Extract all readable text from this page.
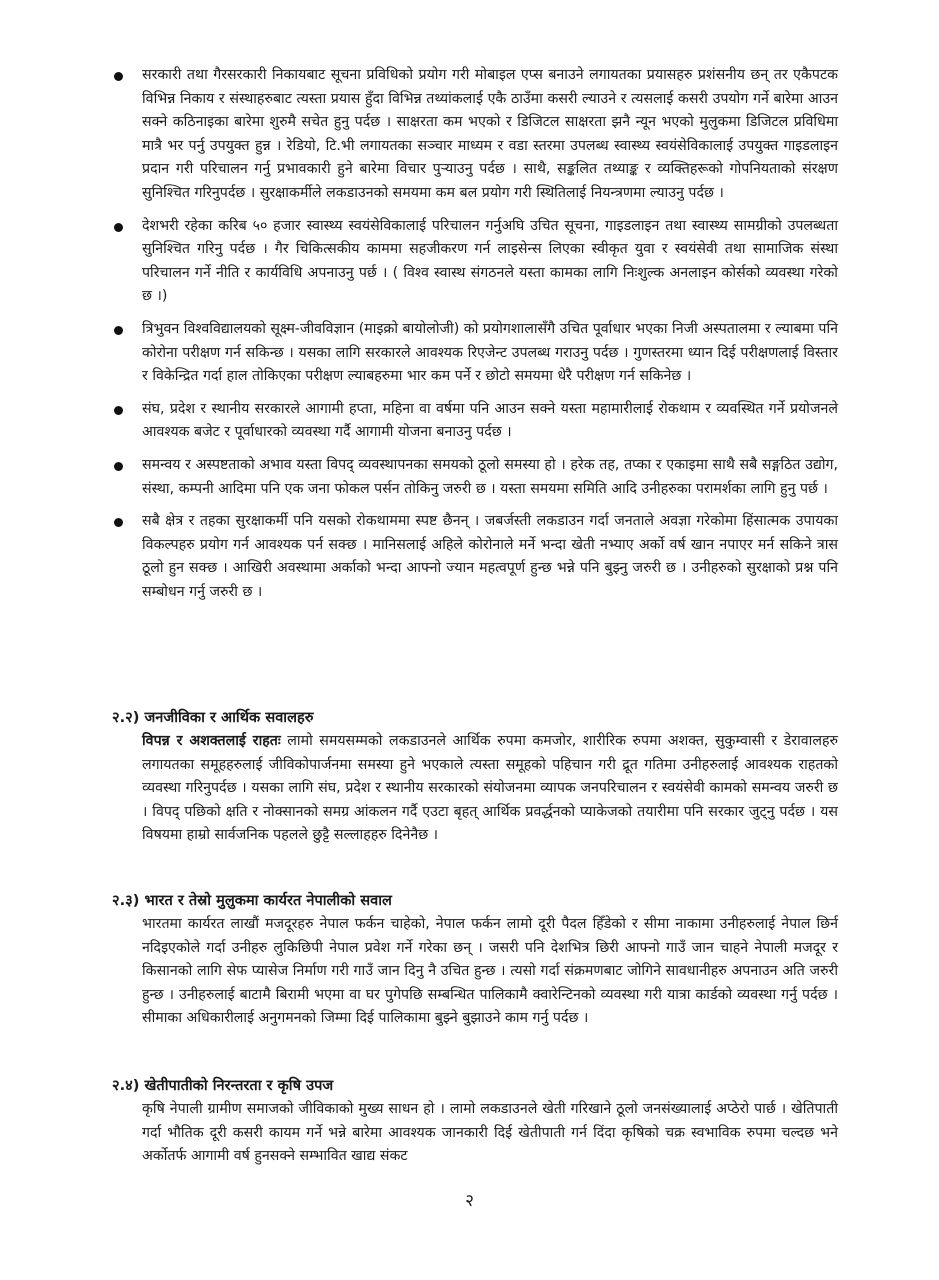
सरकारी तथा गैरसरकारी निकायबाट सूचना प्रविधिको प्रयोग गरी मोबाइल एप्स बनाउने लगायतका प्रयासहरु प्रशंसनीय छन् तर एकैपटक विभिन्न निकाय र संस्थाहरुबाट त्यस्ता प्रयास हुँदा विभिन्न तथ्यांकलाई एकै ठाउँमा कसरी ल्याउने र त्यसलाई कसरी उपयोग गर्ने बारेमा आउन सक्ने कठिनाइका बारेमा शुरुमै सचेत हुनु पर्दछ । साक्षरता कम भएको र डिजिटल साक्षरता झनै न्यून भएको मुलुकमा डिजिटल प्रविधिमा मात्रै भर पर्नु उपयुक्त हुन्न । रेडियो, टि.भी लगायतका सञ्चार माध्यम र वडा स्तरमा उपलब्ध स्वास्थ्य स्वयंसेविकालाई उपयुक्त गाइडलाइन प्रदान गरी परिचालन गर्नु प्रभावकारी हुने बारेमा विचार पुऱ्याउनु पर्दछ । साथै, सङ्कलित तथ्याङ्क र व्यक्तिहरूको गोपनियताको संरक्षण सुनिश्चित गरिनुपर्दछ । सुरक्षाकर्मीले लकडाउनको समयमा कम बल प्रयोग गरी स्थितिलाई नियन्त्रणमा ल्याउनु पर्दछ ।
देशभरी रहेका करिब ५० हजार स्वास्थ्य स्वयंसेविकालाई परिचालन गर्नुअघि उचित सूचना, गाइडलाइन तथा स्वास्थ्य सामग्रीको उपलब्धता सुनिश्चित गरिनु पर्दछ । गैर चिकित्सकीय काममा सहजीकरण गर्न लाइसेन्स लिएका स्वीकृत युवा र स्वयंसेवी तथा सामाजिक संस्था परिचालन गर्ने नीति र कार्यविधि अपनाउनु पर्छ । ( विश्व स्वास्थ संगठनले यस्ता कामका लागि निःशुल्क अनलाइन कोर्सको व्यवस्था गरेको छ ।)
त्रिभुवन विश्वविद्यालयको सूक्ष्म-जीवविज्ञान (माइक्रो बायोलोजी) को प्रयोगशालासँगै उचित पूर्वाधार भएका निजी अस्पतालमा र ल्याबमा पनि कोरोना परीक्षण गर्न सकिन्छ । यसका लागि सरकारले आवश्यक रिएजेन्ट उपलब्ध गराउनु पर्दछ । गुणस्तरमा ध्यान दिई परीक्षणलाई विस्तार र विकेन्द्रित गर्दा हाल तोकिएका परीक्षण ल्याबहरुमा भार कम पर्ने र छोटो समयमा धेरै परीक्षण गर्न सकिनेछ ।
संघ, प्रदेश र स्थानीय सरकारले आगामी हप्ता, महिना वा वर्षमा पनि आउन सक्ने यस्ता महामारीलाई रोकथाम र व्यवस्थित गर्ने प्रयोजनले आवश्यक बजेट र पूर्वाधारको व्यवस्था गर्दै आगामी योजना बनाउनु पर्दछ ।
समन्वय र अस्पष्टताको अभाव यस्ता विपद् व्यवस्थापनका समयको ठूलो समस्या हो । हरेक तह, तप्का र एकाइमा साथै सबै सङ्गठित उद्योग, संस्था, कम्पनी आदिमा पनि एक जना फोकल पर्सन तोकिनु जरुरी छ । यस्ता समयमा समिति आदि उनीहरुका परामर्शका लागि हुनु पर्छ ।
सबै क्षेत्र र तहका सुरक्षाकर्मी पनि यसको रोकथाममा स्पष्ट छैनन् । जबर्जस्ती लकडाउन गर्दा जनताले अवज्ञा गरेकोमा हिंसात्मक उपायका विकल्पहरु प्रयोग गर्न आवश्यक पर्न सक्छ । मानिसलाई अहिले कोरोनाले मर्ने भन्दा खेती नभ्याए अर्को वर्ष खान नपाएर मर्न सकिने त्रास ठूलो हुन सक्छ । आखिरी अवस्थामा अर्काको भन्दा आफ्नो ज्यान महत्वपूर्ण हुन्छ भन्ने पनि बुझ्नु जरुरी छ । उनीहरुको सुरक्षाको प्रश्न पनि सम्बोधन गर्नु जरुरी छ ।
२.२) जनजीविका र आर्थिक सवालहरु

विपन्न र अशक्तलाई राहतः लामो समयसम्मको लकडाउनले आर्थिक रुपमा कमजोर, शारीरिक रुपमा अशक्त, सुकुम्वासी र डेरावालहरु लगायतका समूहहरुलाई जीविकोपार्जनमा समस्या हुने भएकाले त्यस्ता समूहको पहिचान गरी द्रूत गतिमा उनीहरुलाई आवश्यक राहतको व्यवस्था गरिनुपर्दछ । यसका लागि संघ, प्रदेश र स्थानीय सरकारको संयोजनमा व्यापक जनपरिचालन र स्वयंसेवी कामको समन्वय जरुरी छ । विपद् पछिको क्षति र नोक्सानको समग्र आंकलन गर्दै एउटा बृहत् आर्थिक प्रवर्द्धनको प्याकेजको तयारीमा पनि सरकार जुट्नु पर्दछ । यस विषयमा हाम्रो सार्वजनिक पहलले छुट्टै सल्लाहहरु दिनेनैछ ।

२.३) भारत र तेस्रो मुलुकमा कार्यरत नेपालीको सवाल

भारतमा कार्यरत लाखौं मजदूरहरु नेपाल फर्कन चाहेको, नेपाल फर्कन लामो दूरी पैदल हिँडेको र सीमा नाकामा उनीहरुलाई नेपाल छिर्न नदिइएकोले गर्दा उनीहरु लुकिछिपी नेपाल प्रवेश गर्ने गरेका छन् । जसरी पनि देशभित्र छिरी आफ्नो गाउँ जान चाहने नेपाली मजदूर र किसानको लागि सेफ प्यासेज निर्माण गरी गाउँ जान दिनु नै उचित हुन्छ । त्यसो गर्दा संक्रमणबाट जोगिने सावधानीहरु अपनाउन अति जरुरी हुन्छ । उनीहरुलाई बाटामै बिरामी भएमा वा घर पुगेपछि सम्बन्धित पालिकामै क्वारेन्टिनको व्यवस्था गरी यात्रा कार्डको व्यवस्था गर्नु पर्दछ । सीमाका अधिकारीलाई अनुगमनको जिम्मा दिई पालिकामा बुझ्ने बुझाउने काम गर्नु पर्दछ ।

२.४) खेतीपातीको निरन्तरता र कृषि उपज

कृषि नेपाली ग्रामीण समाजको जीविकाको मुख्य साधन हो । लामो लकडाउनले खेती गरिखाने ठूलो जनसंख्यालाई अप्ठेरो पार्छ । खेतिपाती गर्दा भौतिक दूरी कसरी कायम गर्ने भन्ने बारेमा आवश्यक जानकारी दिई खेतीपाती गर्न दिंदा कृषिको चक्र स्वभाविक रुपमा चल्दछ भने अर्कोतर्फ आगामी वर्ष हुनसक्ने सम्भावित खाद्य संकट

२
